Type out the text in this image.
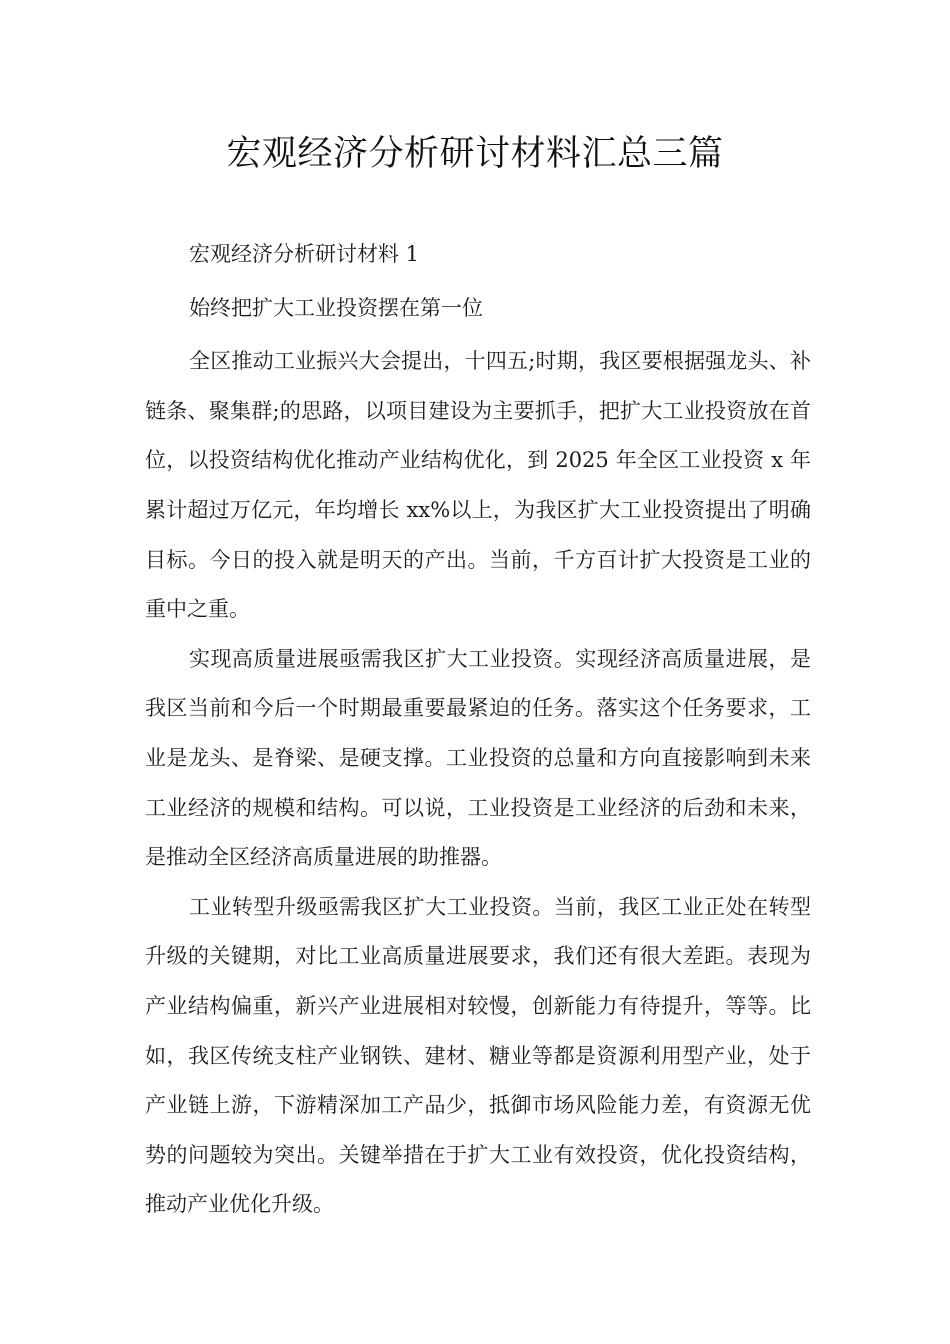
宏观经济分析研讨材料汇总三篇

宏观经济分析研讨材料 1

始终把扩大工业投资摆在第一位

全区推动工业振兴大会提出，十四五;时期，我区要根据强龙头、补链条、聚集群;的思路，以项目建设为主要抓手，把扩大工业投资放在首位，以投资结构优化推动产业结构优化，到 2025 年全区工业投资 x 年累计超过万亿元，年均增长 xx%以上，为我区扩大工业投资提出了明确目标。今日的投入就是明天的产出。当前，千方百计扩大投资是工业的重中之重。

实现高质量进展亟需我区扩大工业投资。实现经济高质量进展，是我区当前和今后一个时期最重要最紧迫的任务。落实这个任务要求，工业是龙头、是脊梁、是硬支撑。工业投资的总量和方向直接影响到未来工业经济的规模和结构。可以说，工业投资是工业经济的后劲和未来，是推动全区经济高质量进展的助推器。

工业转型升级亟需我区扩大工业投资。当前，我区工业正处在转型升级的关键期，对比工业高质量进展要求，我们还有很大差距。表现为产业结构偏重，新兴产业进展相对较慢，创新能力有待提升，等等。比如，我区传统支柱产业钢铁、建材、糖业等都是资源利用型产业，处于产业链上游，下游精深加工产品少，抵御市场风险能力差，有资源无优势的问题较为突出。关键举措在于扩大工业有效投资，优化投资结构，推动产业优化升级。
